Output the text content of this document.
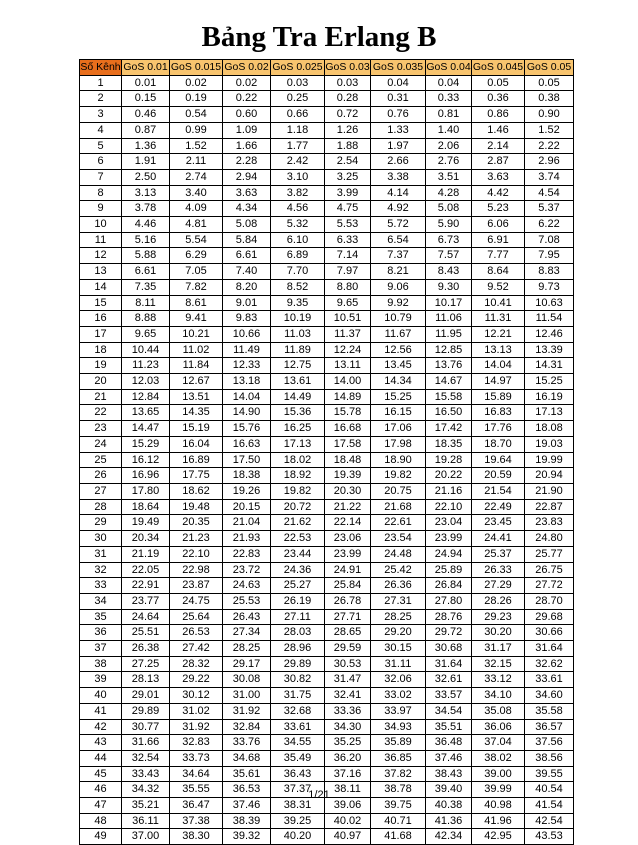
Bảng Tra Erlang B
Số Kênh	GoS 0.01	GoS 0.015	GoS 0.02	GoS 0.025	GoS 0.03	GoS 0.035	GoS 0.04	GoS 0.045	GoS 0.05
1	0.01	0.02	0.02	0.03	0.03	0.04	0.04	0.05	0.05
2	0.15	0.19	0.22	0.25	0.28	0.31	0.33	0.36	0.38
3	0.46	0.54	0.60	0.66	0.72	0.76	0.81	0.86	0.90
4	0.87	0.99	1.09	1.18	1.26	1.33	1.40	1.46	1.52
5	1.36	1.52	1.66	1.77	1.88	1.97	2.06	2.14	2.22
6	1.91	2.11	2.28	2.42	2.54	2.66	2.76	2.87	2.96
7	2.50	2.74	2.94	3.10	3.25	3.38	3.51	3.63	3.74
8	3.13	3.40	3.63	3.82	3.99	4.14	4.28	4.42	4.54
9	3.78	4.09	4.34	4.56	4.75	4.92	5.08	5.23	5.37
10	4.46	4.81	5.08	5.32	5.53	5.72	5.90	6.06	6.22
11	5.16	5.54	5.84	6.10	6.33	6.54	6.73	6.91	7.08
12	5.88	6.29	6.61	6.89	7.14	7.37	7.57	7.77	7.95
13	6.61	7.05	7.40	7.70	7.97	8.21	8.43	8.64	8.83
14	7.35	7.82	8.20	8.52	8.80	9.06	9.30	9.52	9.73
15	8.11	8.61	9.01	9.35	9.65	9.92	10.17	10.41	10.63
16	8.88	9.41	9.83	10.19	10.51	10.79	11.06	11.31	11.54
17	9.65	10.21	10.66	11.03	11.37	11.67	11.95	12.21	12.46
18	10.44	11.02	11.49	11.89	12.24	12.56	12.85	13.13	13.39
19	11.23	11.84	12.33	12.75	13.11	13.45	13.76	14.04	14.31
20	12.03	12.67	13.18	13.61	14.00	14.34	14.67	14.97	15.25
21	12.84	13.51	14.04	14.49	14.89	15.25	15.58	15.89	16.19
22	13.65	14.35	14.90	15.36	15.78	16.15	16.50	16.83	17.13
23	14.47	15.19	15.76	16.25	16.68	17.06	17.42	17.76	18.08
24	15.29	16.04	16.63	17.13	17.58	17.98	18.35	18.70	19.03
25	16.12	16.89	17.50	18.02	18.48	18.90	19.28	19.64	19.99
26	16.96	17.75	18.38	18.92	19.39	19.82	20.22	20.59	20.94
27	17.80	18.62	19.26	19.82	20.30	20.75	21.16	21.54	21.90
28	18.64	19.48	20.15	20.72	21.22	21.68	22.10	22.49	22.87
29	19.49	20.35	21.04	21.62	22.14	22.61	23.04	23.45	23.83
30	20.34	21.23	21.93	22.53	23.06	23.54	23.99	24.41	24.80
31	21.19	22.10	22.83	23.44	23.99	24.48	24.94	25.37	25.77
32	22.05	22.98	23.72	24.36	24.91	25.42	25.89	26.33	26.75
33	22.91	23.87	24.63	25.27	25.84	26.36	26.84	27.29	27.72
34	23.77	24.75	25.53	26.19	26.78	27.31	27.80	28.26	28.70
35	24.64	25.64	26.43	27.11	27.71	28.25	28.76	29.23	29.68
36	25.51	26.53	27.34	28.03	28.65	29.20	29.72	30.20	30.66
37	26.38	27.42	28.25	28.96	29.59	30.15	30.68	31.17	31.64
38	27.25	28.32	29.17	29.89	30.53	31.11	31.64	32.15	32.62
39	28.13	29.22	30.08	30.82	31.47	32.06	32.61	33.12	33.61
40	29.01	30.12	31.00	31.75	32.41	33.02	33.57	34.10	34.60
41	29.89	31.02	31.92	32.68	33.36	33.97	34.54	35.08	35.58
42	30.77	31.92	32.84	33.61	34.30	34.93	35.51	36.06	36.57
43	31.66	32.83	33.76	34.55	35.25	35.89	36.48	37.04	37.56
44	32.54	33.73	34.68	35.49	36.20	36.85	37.46	38.02	38.56
45	33.43	34.64	35.61	36.43	37.16	37.82	38.43	39.00	39.55
46	34.32	35.55	36.53	37.37	38.11	38.78	39.40	39.99	40.54
47	35.21	36.47	37.46	38.31	39.06	39.75	40.38	40.98	41.54
48	36.11	37.38	38.39	39.25	40.02	40.71	41.36	41.96	42.54
49	37.00	38.30	39.32	40.20	40.97	41.68	42.34	42.95	43.53

1/21
